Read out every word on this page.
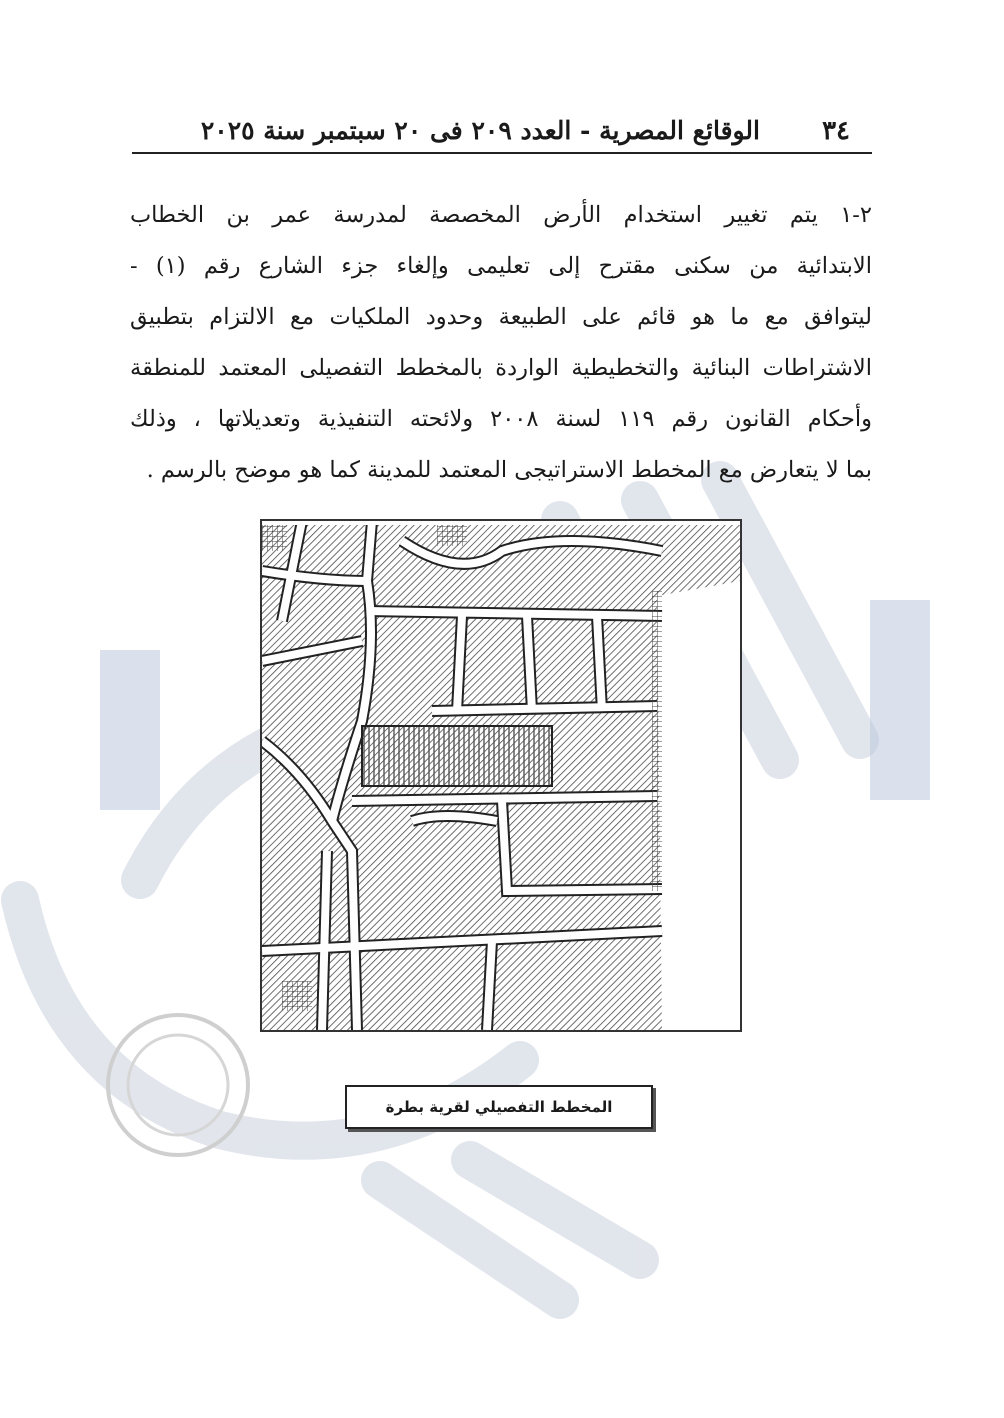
٣٤
الوقائع المصرية - العدد ٢٠٩ فى ٢٠ سبتمبر سنة ٢٠٢٥
٢-١ يتم تغيير استخدام الأرض المخصصة لمدرسة عمر بن الخطاب
الابتدائية من سكنى مقترح إلى تعليمى وإلغاء جزء الشارع رقم (١) -
ليتوافق مع ما هو قائم على الطبيعة وحدود الملكيات مع الالتزام بتطبيق
الاشتراطات البنائية والتخطيطية الواردة بالمخطط التفصيلى المعتمد للمنطقة
وأحكام القانون رقم ١١٩ لسنة ٢٠٠٨ ولائحته التنفيذية وتعديلاتها ، وذلك
بما لا يتعارض مع المخطط الاستراتيجى المعتمد للمدينة كما هو موضح بالرسم .
المخطط التفصيلي لقرية بطرة
